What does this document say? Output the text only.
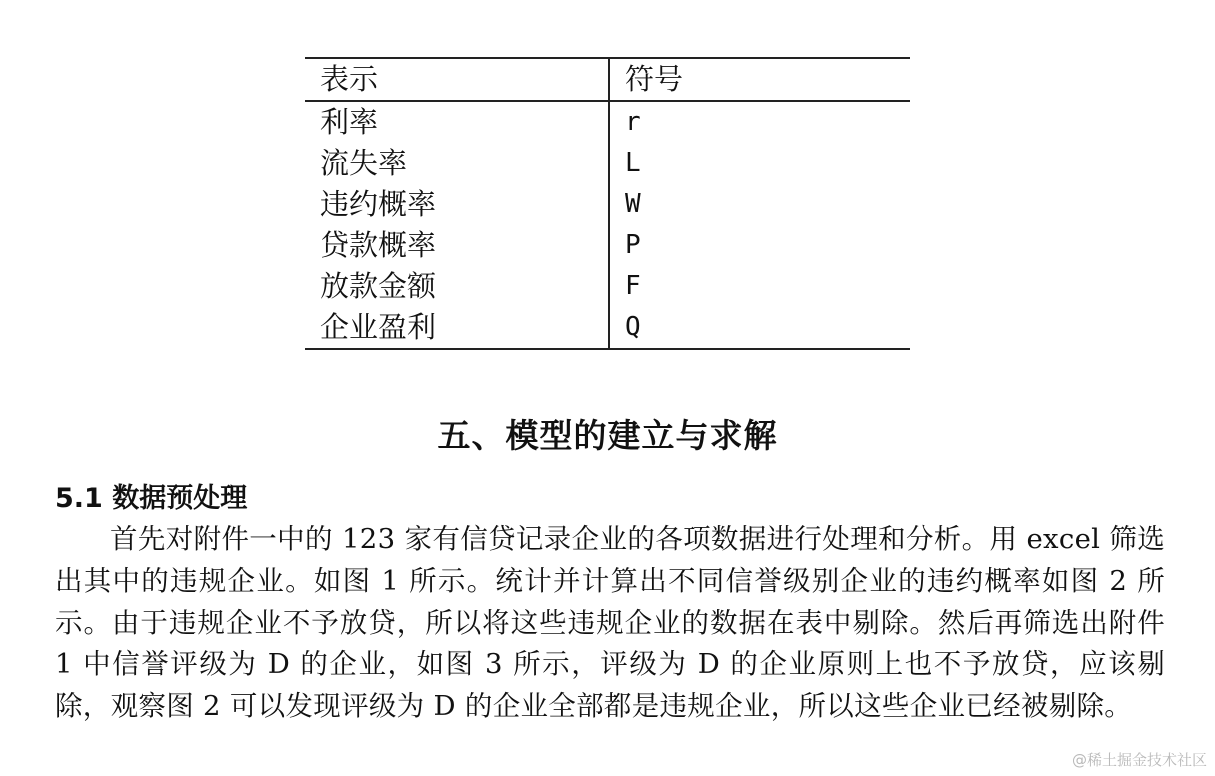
表示	符号
利率	r
流失率	L
违约概率	W
贷款概率	P
放款金额	F
企业盈利	Q
五、模型的建立与求解
5.1 数据预处理

首先对附件一中的 123 家有信贷记录企业的各项数据进行处理和分析。用 excel 筛选出其中的违规企业。如图 1 所示。统计并计算出不同信誉级别企业的违约概率如图 2 所示。由于违规企业不予放贷，所以将这些违规企业的数据在表中剔除。然后再筛选出附件 1 中信誉评级为 D 的企业，如图 3 所示，评级为 D 的企业原则上也不予放贷，应该剔除，观察图 2 可以发现评级为 D 的企业全部都是违规企业，所以这些企业已经被剔除。

@稀土掘金技术社区
